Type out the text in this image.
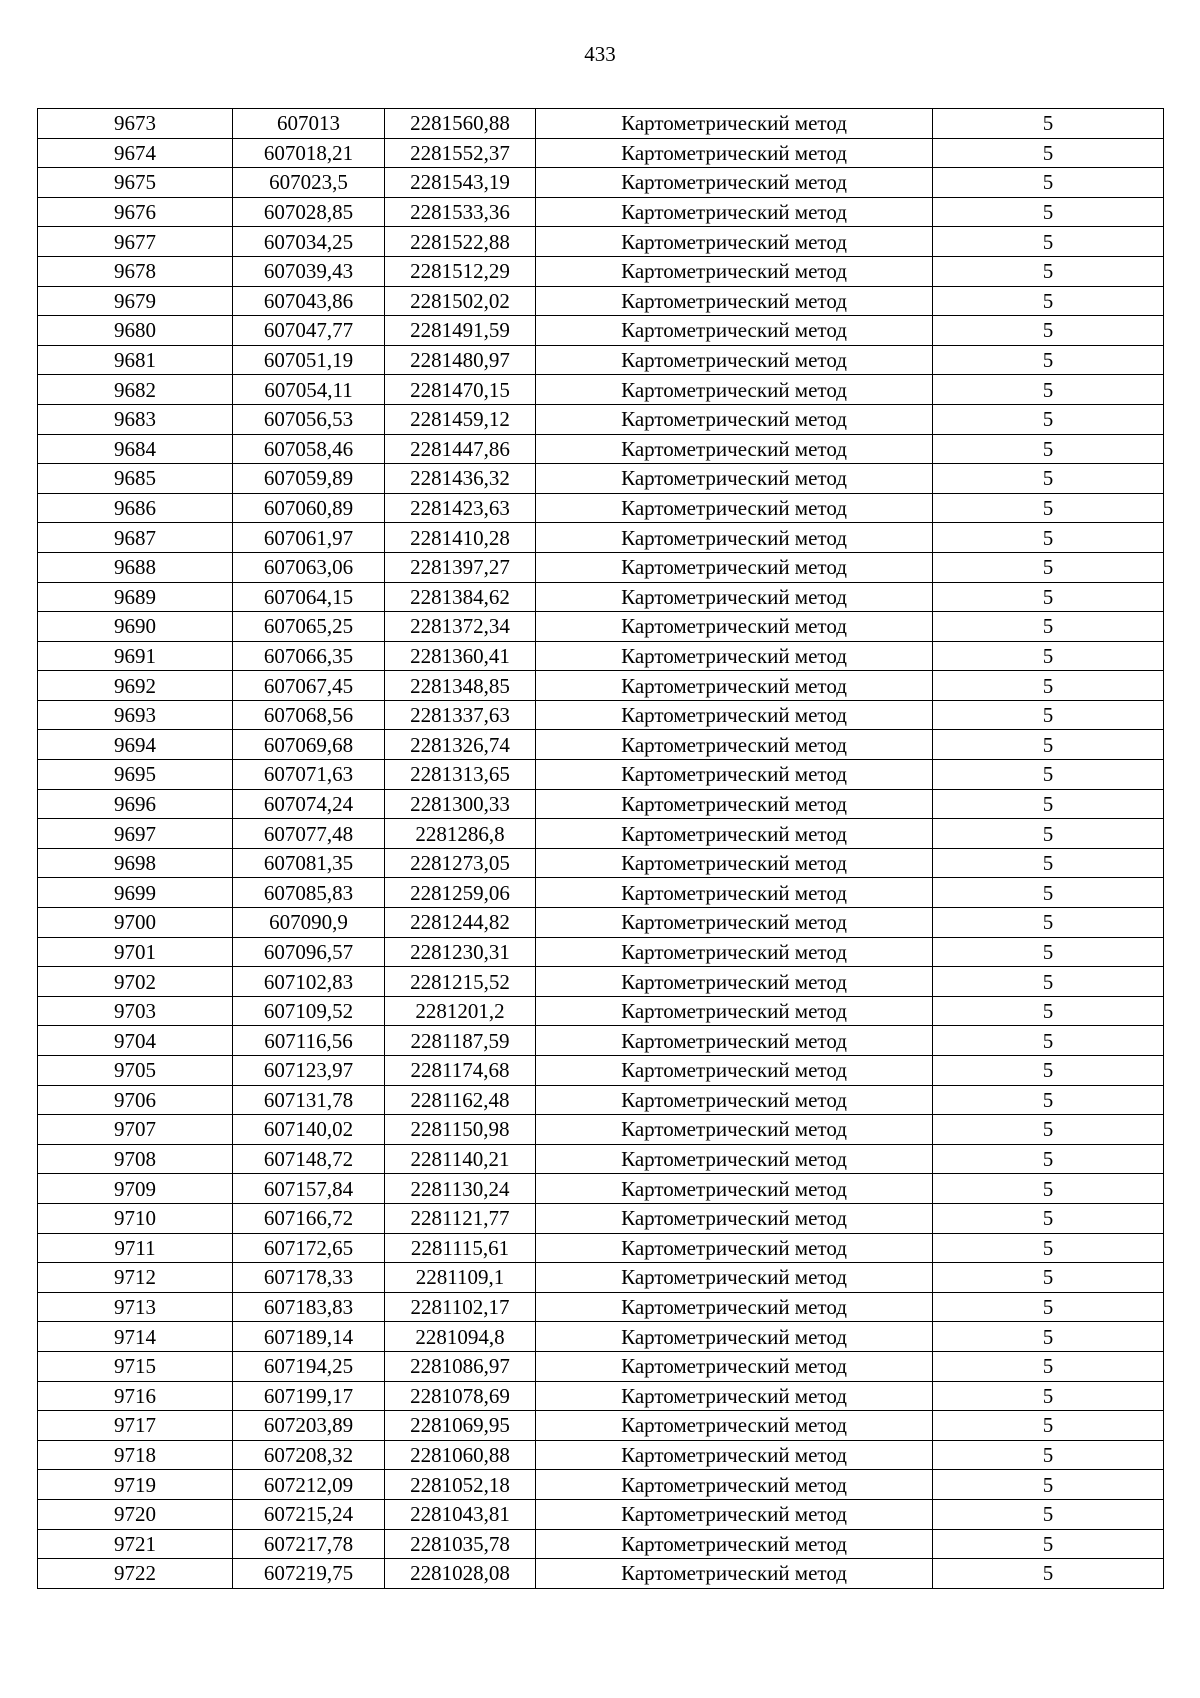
433
9673	607013	2281560,88	Картометрический метод	5
9674	607018,21	2281552,37	Картометрический метод	5
9675	607023,5	2281543,19	Картометрический метод	5
9676	607028,85	2281533,36	Картометрический метод	5
9677	607034,25	2281522,88	Картометрический метод	5
9678	607039,43	2281512,29	Картометрический метод	5
9679	607043,86	2281502,02	Картометрический метод	5
9680	607047,77	2281491,59	Картометрический метод	5
9681	607051,19	2281480,97	Картометрический метод	5
9682	607054,11	2281470,15	Картометрический метод	5
9683	607056,53	2281459,12	Картометрический метод	5
9684	607058,46	2281447,86	Картометрический метод	5
9685	607059,89	2281436,32	Картометрический метод	5
9686	607060,89	2281423,63	Картометрический метод	5
9687	607061,97	2281410,28	Картометрический метод	5
9688	607063,06	2281397,27	Картометрический метод	5
9689	607064,15	2281384,62	Картометрический метод	5
9690	607065,25	2281372,34	Картометрический метод	5
9691	607066,35	2281360,41	Картометрический метод	5
9692	607067,45	2281348,85	Картометрический метод	5
9693	607068,56	2281337,63	Картометрический метод	5
9694	607069,68	2281326,74	Картометрический метод	5
9695	607071,63	2281313,65	Картометрический метод	5
9696	607074,24	2281300,33	Картометрический метод	5
9697	607077,48	2281286,8	Картометрический метод	5
9698	607081,35	2281273,05	Картометрический метод	5
9699	607085,83	2281259,06	Картометрический метод	5
9700	607090,9	2281244,82	Картометрический метод	5
9701	607096,57	2281230,31	Картометрический метод	5
9702	607102,83	2281215,52	Картометрический метод	5
9703	607109,52	2281201,2	Картометрический метод	5
9704	607116,56	2281187,59	Картометрический метод	5
9705	607123,97	2281174,68	Картометрический метод	5
9706	607131,78	2281162,48	Картометрический метод	5
9707	607140,02	2281150,98	Картометрический метод	5
9708	607148,72	2281140,21	Картометрический метод	5
9709	607157,84	2281130,24	Картометрический метод	5
9710	607166,72	2281121,77	Картометрический метод	5
9711	607172,65	2281115,61	Картометрический метод	5
9712	607178,33	2281109,1	Картометрический метод	5
9713	607183,83	2281102,17	Картометрический метод	5
9714	607189,14	2281094,8	Картометрический метод	5
9715	607194,25	2281086,97	Картометрический метод	5
9716	607199,17	2281078,69	Картометрический метод	5
9717	607203,89	2281069,95	Картометрический метод	5
9718	607208,32	2281060,88	Картометрический метод	5
9719	607212,09	2281052,18	Картометрический метод	5
9720	607215,24	2281043,81	Картометрический метод	5
9721	607217,78	2281035,78	Картометрический метод	5
9722	607219,75	2281028,08	Картометрический метод	5
